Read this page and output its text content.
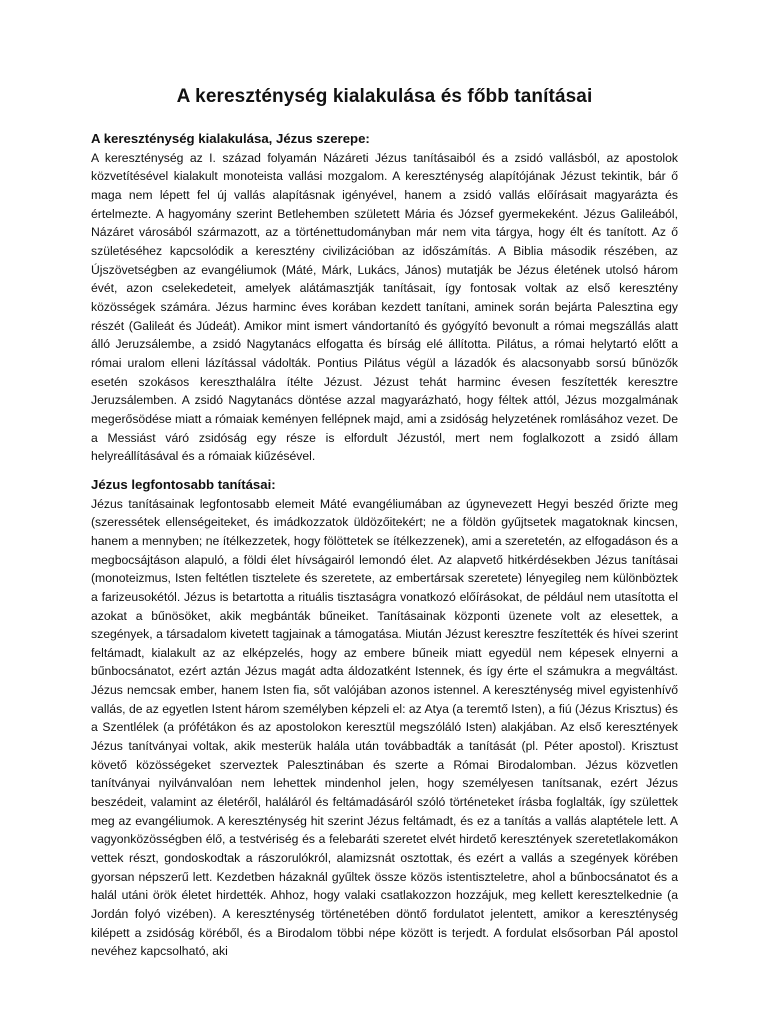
A kereszténység kialakulása és főbb tanításai

A kereszténység kialakulása, Jézus szerepe:

A kereszténység az I. század folyamán Názáreti Jézus tanításaiból és a zsidó vallásból, az apostolok közvetítésével kialakult monoteista vallási mozgalom. A kereszténység alapítójának Jézust tekintik, bár ő maga nem lépett fel új vallás alapításnak igényével, hanem a zsidó vallás előírásait magyarázta és értelmezte. A hagyomány szerint Betlehemben született Mária és József gyermekeként. Jézus Galileából, Názáret városából származott, az a történettudományban már nem vita tárgya, hogy élt és tanított. Az ő születéséhez kapcsolódik a keresztény civilizációban az időszámítás. A Biblia második részében, az Újszövetségben az evangéliumok (Máté, Márk, Lukács, János) mutatják be Jézus életének utolsó három évét, azon cselekedeteit, amelyek alátámasztják tanításait, így fontosak voltak az első keresztény közösségek számára. Jézus harminc éves korában kezdett tanítani, aminek során bejárta Palesztina egy részét (Galileát és Júdeát). Amikor mint ismert vándortanító és gyógyító bevonult a római megszállás alatt álló Jeruzsálembe, a zsidó Nagytanács elfogatta és bírság elé állította. Pilátus, a római helytartó előtt a római uralom elleni lázítással vádolták. Pontius Pilátus végül a lázadók és alacsonyabb sorsú bűnözők esetén szokásos kereszthalálra ítélte Jézust. Jézust tehát harminc évesen feszítették keresztre Jeruzsálemben. A zsidó Nagytanács döntése azzal magyarázható, hogy féltek attól, Jézus mozgalmának megerősödése miatt a rómaiak keményen fellépnek majd, ami a zsidóság helyzetének romlásához vezet. De a Messiást váró zsidóság egy része is elfordult Jézustól, mert nem foglalkozott a zsidó állam helyreállításával és a rómaiak kiűzésével.

Jézus legfontosabb tanításai:

Jézus tanításainak legfontosabb elemeit Máté evangéliumában az úgynevezett Hegyi beszéd őrizte meg (szeressétek ellenségeiteket, és imádkozzatok üldözőitekért; ne a földön gyűjtsetek magatoknak kincsen, hanem a mennyben; ne ítélkezzetek, hogy fölöttetek se ítélkezzenek), ami a szeretetén, az elfogadáson és a megbocsájtáson alapuló, a földi élet hívságairól lemondó élet. Az alapvető hitkérdésekben Jézus tanításai (monoteizmus, Isten feltétlen tisztelete és szeretete, az embertársak szeretete) lényegileg nem különböztek a farizeusokétól. Jézus is betartotta a rituális tisztaságra vonatkozó előírásokat, de például nem utasította el azokat a bűnösöket, akik megbánták bűneiket. Tanításainak központi üzenete volt az elesettek, a szegények, a társadalom kivetett tagjainak a támogatása. Miután Jézust keresztre feszítették és hívei szerint feltámadt, kialakult az az elképzelés, hogy az embere bűneik miatt egyedül nem képesek elnyerni a bűnbocsánatot, ezért aztán Jézus magát adta áldozatként Istennek, és így érte el számukra a megváltást. Jézus nemcsak ember, hanem Isten fia, sőt valójában azonos istennel. A kereszténység mivel egyistenhívő vallás, de az egyetlen Istent három személyben képzeli el: az Atya (a teremtő Isten), a fiú (Jézus Krisztus) és a Szentlélek (a prófétákon és az apostolokon keresztül megszóláló Isten) alakjában. Az első keresztények Jézus tanítványai voltak, akik mesterük halála után továbbadták a tanítását (pl. Péter apostol). Krisztust követő közösségeket szerveztek Palesztinában és szerte a Római Birodalomban. Jézus közvetlen tanítványai nyilvánvalóan nem lehettek mindenhol jelen, hogy személyesen tanítsanak, ezért Jézus beszédeit, valamint az életéről, haláláról és feltámadásáról szóló történeteket írásba foglalták, így születtek meg az evangéliumok. A kereszténység hit szerint Jézus feltámadt, és ez a tanítás a vallás alaptétele lett. A vagyonközösségben élő, a testvériség és a felebaráti szeretet elvét hirdető keresztények szeretetlakomákon vettek részt, gondoskodtak a rászorulókról, alamizsnát osztottak, és ezért a vallás a szegények körében gyorsan népszerű lett. Kezdetben házaknál gyűltek össze közös istentiszteletre, ahol a bűnbocsánatot és a halál utáni örök életet hirdették. Ahhoz, hogy valaki csatlakozzon hozzájuk, meg kellett keresztelkednie (a Jordán folyó vizében). A kereszténység történetében döntő fordulatot jelentett, amikor a kereszténység kilépett a zsidóság köréből, és a Birodalom többi népe között is terjedt. A fordulat elsősorban Pál apostol nevéhez kapcsolható, aki
